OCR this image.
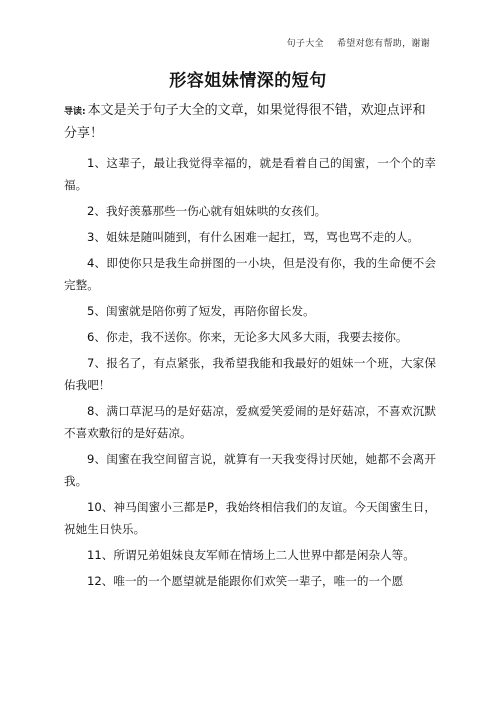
句子大全 希望对您有帮助，谢谢
形容姐妹情深的短句
导读: 本文是关于句子大全的文章，如果觉得很不错，欢迎点评和分享！

1、这辈子，最让我觉得幸福的，就是看着自己的闺蜜，一个个的幸福。

2、我好羡慕那些一伤心就有姐妹哄的女孩们。

3、姐妹是随叫随到，有什么困难一起扛，骂，骂也骂不走的人。

4、即使你只是我生命拼图的一小块，但是没有你，我的生命便不会完整。

5、闺蜜就是陪你剪了短发，再陪你留长发。

6、你走，我不送你。你来，无论多大风多大雨，我要去接你。

7、报名了，有点紧张，我希望我能和我最好的姐妹一个班，大家保佑我吧！

8、满口草泥马的是好菇凉，爱疯爱笑爱闹的是好菇凉，不喜欢沉默不喜欢敷衍的是好菇凉。

9、闺蜜在我空间留言说，就算有一天我变得讨厌她，她都不会离开我。

10、神马闺蜜小三都是P，我始终相信我们的友谊。今天闺蜜生日，祝她生日快乐。

11、所谓兄弟姐妹良友军师在情场上二人世界中都是闲杂人等。

12、唯一的一个愿望就是能跟你们欢笑一辈子，唯一的一个愿
